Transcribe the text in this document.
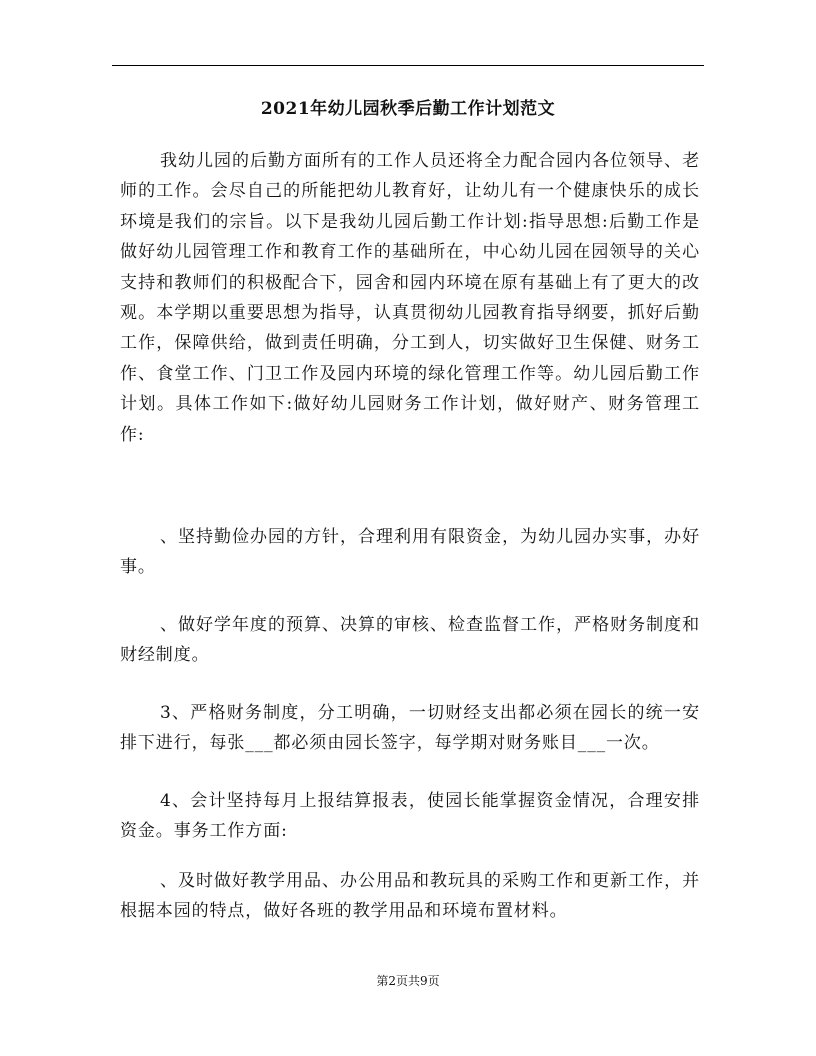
2021年幼儿园秋季后勤工作计划范文

我幼儿园的后勤方面所有的工作人员还将全力配合园内各位领导、老师的工作。会尽自己的所能把幼儿教育好，让幼儿有一个健康快乐的成长环境是我们的宗旨。以下是我幼儿园后勤工作计划:指导思想:后勤工作是做好幼儿园管理工作和教育工作的基础所在，中心幼儿园在园领导的关心支持和教师们的积极配合下，园舍和园内环境在原有基础上有了更大的改观。本学期以重要思想为指导，认真贯彻幼儿园教育指导纲要，抓好后勤工作，保障供给，做到责任明确，分工到人，切实做好卫生保健、财务工作、食堂工作、门卫工作及园内环境的绿化管理工作等。幼儿园后勤工作计划。具体工作如下:做好幼儿园财务工作计划，做好财产、财务管理工作:

、坚持勤俭办园的方针，合理利用有限资金，为幼儿园办实事，办好事。

、做好学年度的预算、决算的审核、检查监督工作，严格财务制度和财经制度。

3、严格财务制度，分工明确，一切财经支出都必须在园长的统一安排下进行，每张___都必须由园长签字，每学期对财务账目___一次。

4、会计坚持每月上报结算报表，使园长能掌握资金情况，合理安排资金。事务工作方面:

、及时做好教学用品、办公用品和教玩具的采购工作和更新工作，并根据本园的特点，做好各班的教学用品和环境布置材料。

第2页共9页
